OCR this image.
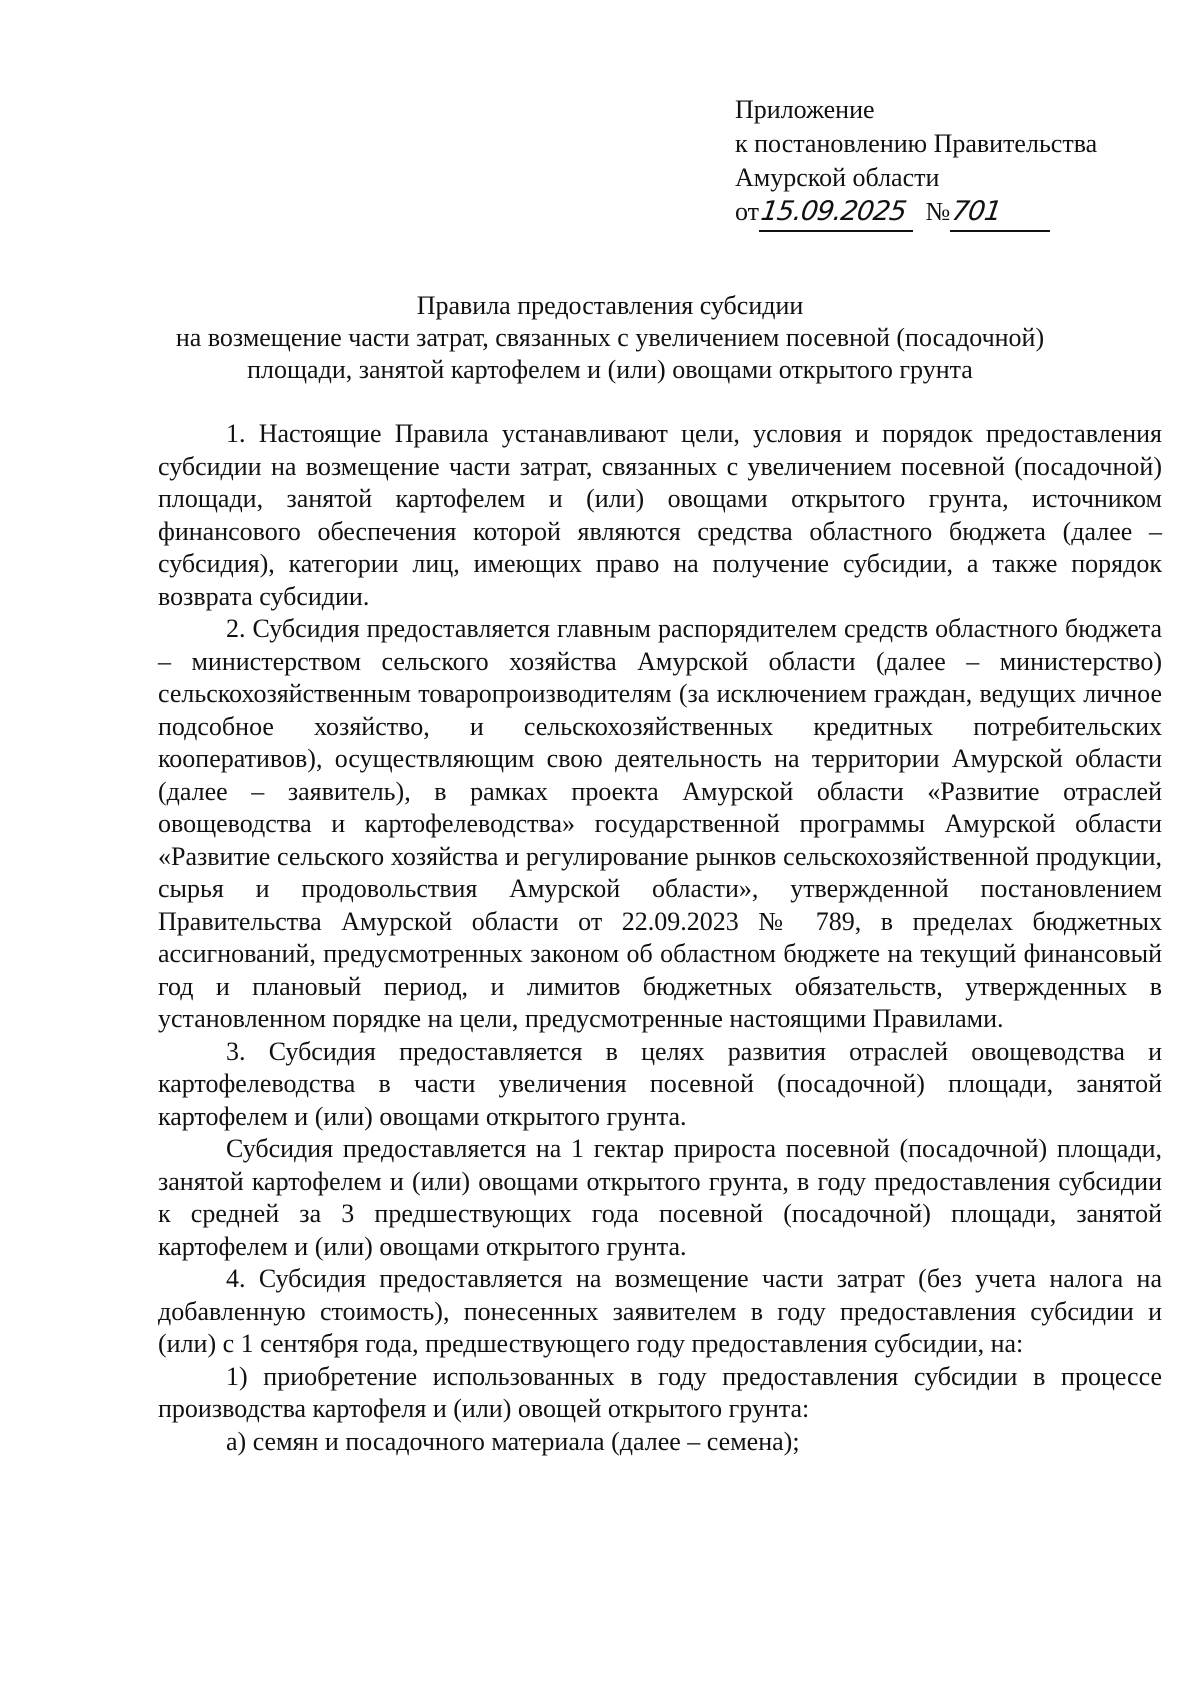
Приложение
к постановлению Правительства
Амурской области
от15.09.2025 №701
Правила предоставления субсидии
на возмещение части затрат, связанных с увеличением посевной (посадочной)
площади, занятой картофелем и (или) овощами открытого грунта

1. Настоящие Правила устанавливают цели, условия и порядок предоставления субсидии на возмещение части затрат, связанных с увеличением посевной (посадочной) площади, занятой картофелем и (или) овощами открытого грунта, источником финансового обеспечения которой являются средства областного бюджета (далее – субсидия), категории лиц, имеющих право на получение субсидии, а также порядок возврата субсидии.

2. Субсидия предоставляется главным распорядителем средств областного бюджета – министерством сельского хозяйства Амурской области (далее – министерство) сельскохозяйственным товаропроизводителям (за исключением граждан, ведущих личное подсобное хозяйство, и сельскохозяйственных кредитных потребительских кооперативов), осуществляющим свою деятельность на территории Амурской области (далее – заявитель), в рамках проекта Амурской области «Развитие отраслей овощеводства и картофелеводства» государственной программы Амурской области «Развитие сельского хозяйства и регулирование рынков сельскохозяйственной продукции, сырья и продовольствия Амурской области», утвержденной постановлением Правительства Амурской области от 22.09.2023 № 789, в пределах бюджетных ассигнований, предусмотренных законом об областном бюджете на текущий финансовый год и плановый период, и лимитов бюджетных обязательств, утвержденных в установленном порядке на цели, предусмотренные настоящими Правилами.

3. Субсидия предоставляется в целях развития отраслей овощеводства и картофелеводства в части увеличения посевной (посадочной) площади, занятой картофелем и (или) овощами открытого грунта.

Субсидия предоставляется на 1 гектар прироста посевной (посадочной) площади, занятой картофелем и (или) овощами открытого грунта, в году предоставления субсидии к средней за 3 предшествующих года посевной (посадочной) площади, занятой картофелем и (или) овощами открытого грунта.

4. Субсидия предоставляется на возмещение части затрат (без учета налога на добавленную стоимость), понесенных заявителем в году предоставления субсидии и (или) с 1 сентября года, предшествующего году предоставления субсидии, на:

1) приобретение использованных в году предоставления субсидии в процессе производства картофеля и (или) овощей открытого грунта:

а) семян и посадочного материала (далее – семена);
